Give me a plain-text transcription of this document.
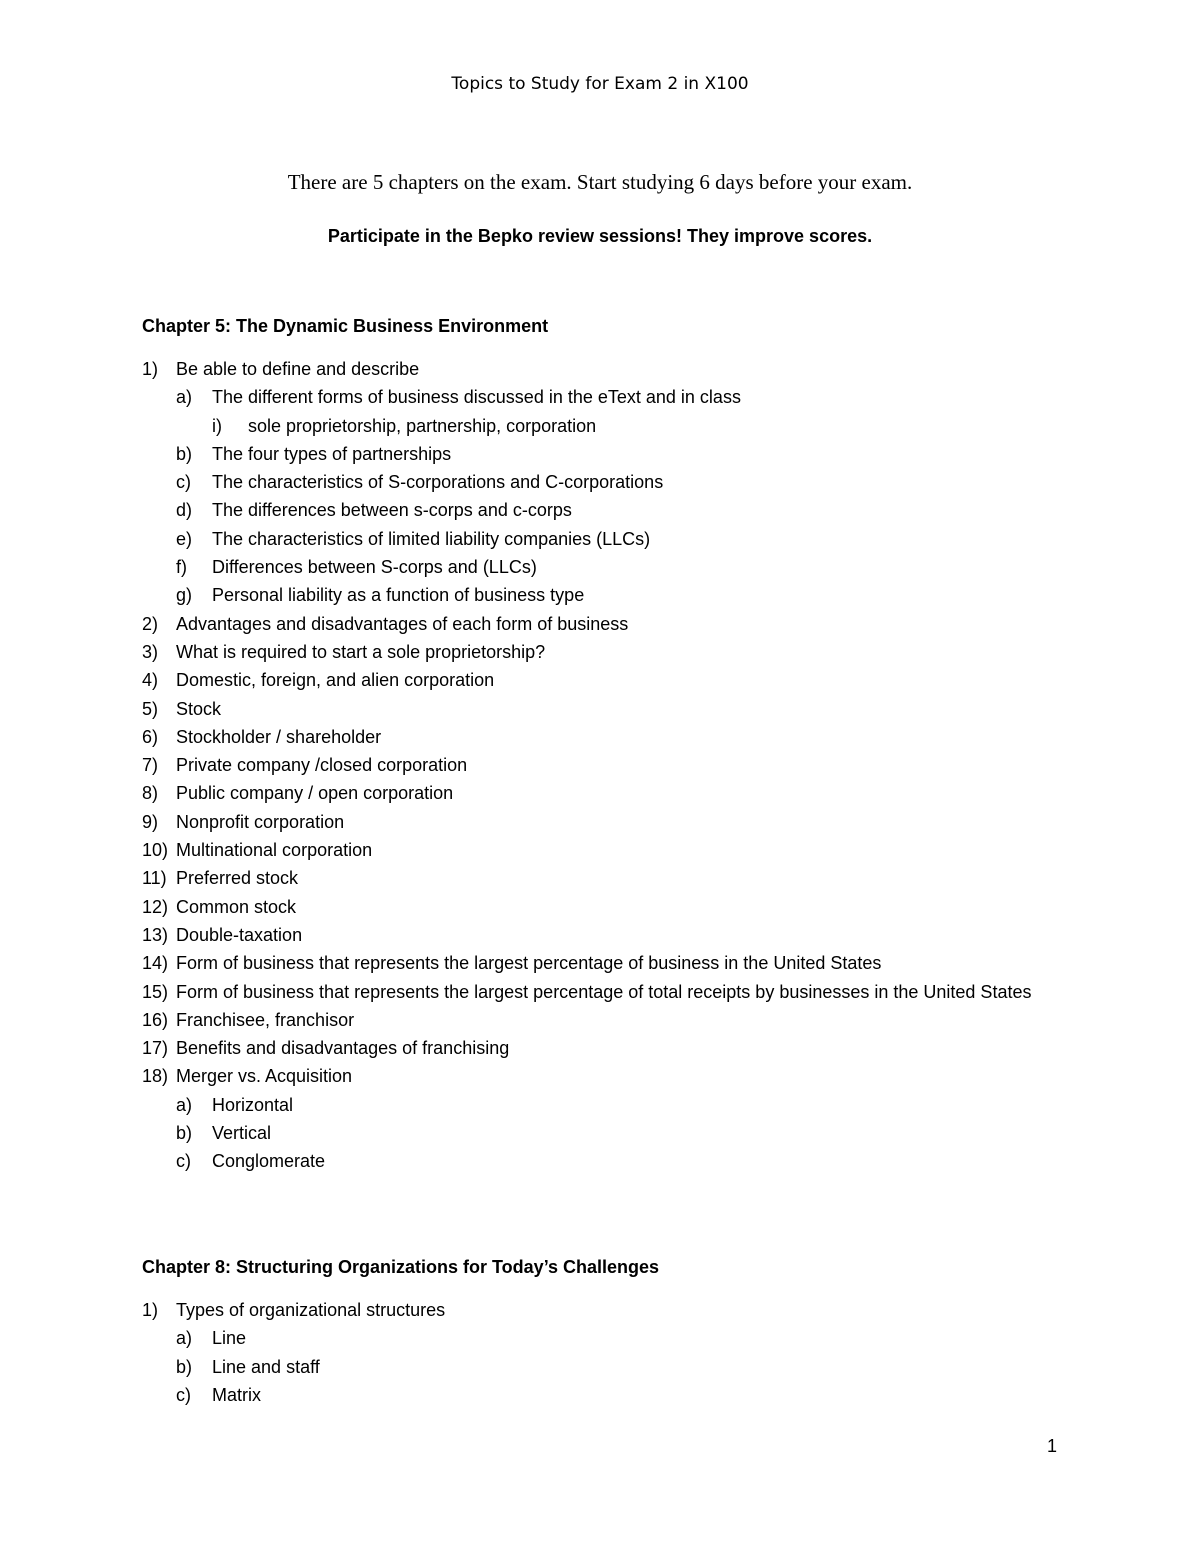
Topics to Study for Exam 2 in X100
There are 5 chapters on the exam. Start studying 6 days before your exam.
Participate in the Bepko review sessions! They improve scores.
Chapter 5: The Dynamic Business Environment
1) Be able to define and describe
a)	The different forms of business discussed in the eText and in class
i)	sole proprietorship, partnership, corporation
b)	The four types of partnerships
c)	The characteristics of S-corporations and C-corporations
d)	The differences between s-corps and c-corps
e)	The characteristics of limited liability companies (LLCs)
f)	Differences between S-corps and (LLCs)
g)	Personal liability as a function of business type
2) Advantages and disadvantages of each form of business
3) What is required to start a sole proprietorship?
4) Domestic, foreign, and alien corporation
5) Stock
6) Stockholder / shareholder
7) Private company /closed corporation
8) Public company / open corporation
9) Nonprofit corporation
10) Multinational corporation
11) Preferred stock
12) Common stock
13) Double-taxation
14) Form of business that represents the largest percentage of business in the United States
15) Form of business that represents the largest percentage of total receipts by businesses in the United States
16) Franchisee, franchisor
17) Benefits and disadvantages of franchising
18) Merger vs. Acquisition
a)	Horizontal
b)	Vertical
c)	Conglomerate
Chapter 8: Structuring Organizations for Today’s Challenges
1) Types of organizational structures
a)	Line
b)	Line and staff
c)	Matrix
1
